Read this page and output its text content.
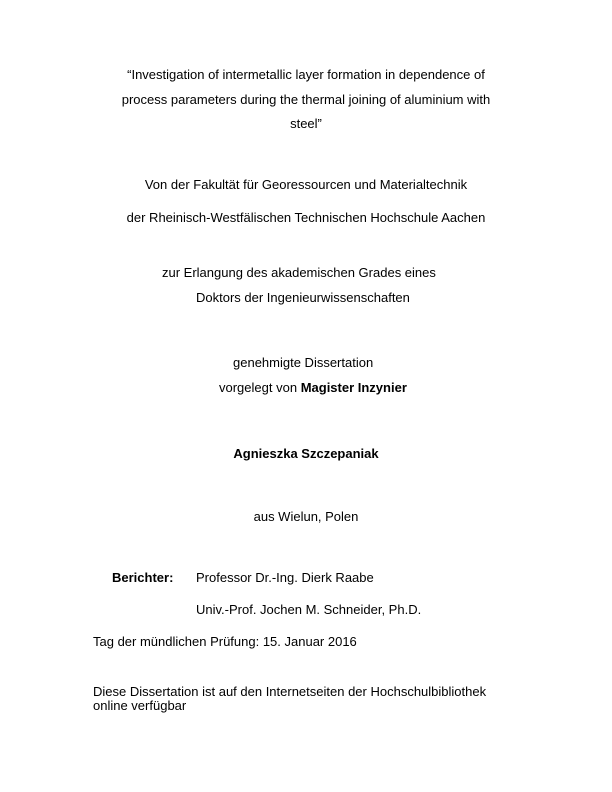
“Investigation of intermetallic layer formation in dependence of
process parameters during the thermal joining of aluminium with
steel”
Von der Fakultät für Georessourcen und Materialtechnik
der Rheinisch-Westfälischen Technischen Hochschule Aachen
zur Erlangung des akademischen Grades eines
Doktors der Ingenieurwissenschaften
genehmigte Dissertation
vorgelegt von Magister Inzynier
Agnieszka Szczepaniak
aus Wielun, Polen
Berichter: Professor Dr.-Ing. Dierk Raabe
Univ.-Prof. Jochen M. Schneider, Ph.D.
Tag der mündlichen Prüfung: 15. Januar 2016
Diese Dissertation ist auf den Internetseiten der Hochschulbibliothek
online verfügbar
